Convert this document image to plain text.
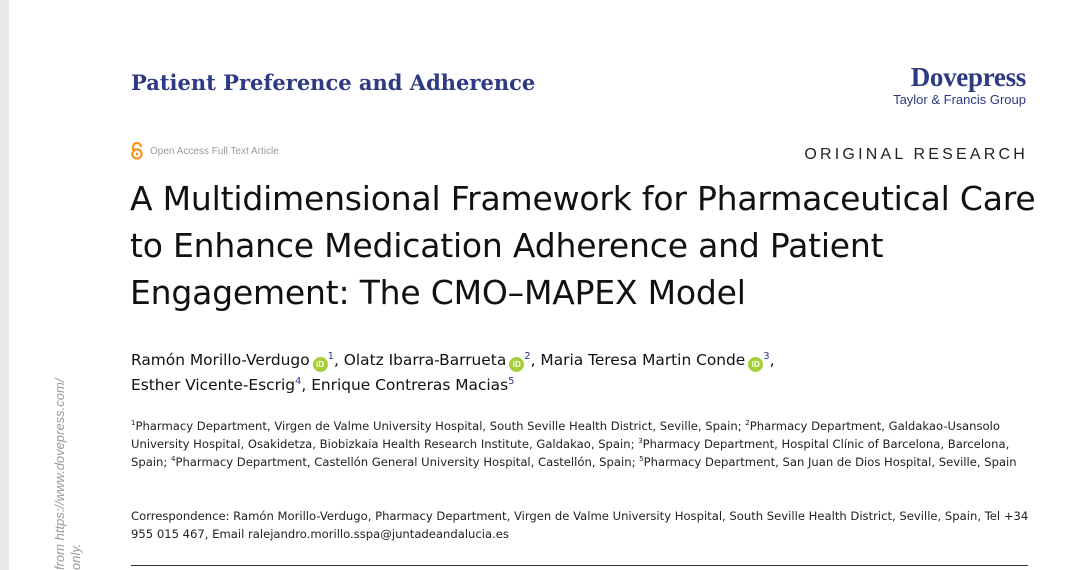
from https://www.dovepress.com/ only.
Patient Preference and Adherence	Dovepress
Taylor & Francis Group
Open Access Full Text Article	ORIGINAL RESEARCH
A Multidimensional Framework for Pharmaceutical Care to Enhance Medication Adherence and Patient Engagement: The CMO–MAPEX Model
Ramón Morillo-Verdugo $iD^1$, Olatz Ibarra-Barrueta $iD^2$, Maria Teresa Martin Conde $iD^3$,
Esther Vicente-Escrig$^4$, Enrique Contreras Macias$^5$
$^1$Pharmacy Department, Virgen de Valme University Hospital, South Seville Health District, Seville, Spain; $^2$Pharmacy Department, Galdakao-Usansolo University Hospital, Osakidetza, Biobizkaia Health Research Institute, Galdakao, Spain; $^3$Pharmacy Department, Hospital Clínic of Barcelona, Barcelona, Spain; $^4$Pharmacy Department, Castellón General University Hospital, Castellón, Spain; $^5$Pharmacy Department, San Juan de Dios Hospital, Seville, Spain
Correspondence: Ramón Morillo-Verdugo, Pharmacy Department, Virgen de Valme University Hospital, South Seville Health District, Seville, Spain, Tel +34 955 015 467, Email ralejandro.morillo.sspa@juntadeandalucia.es
